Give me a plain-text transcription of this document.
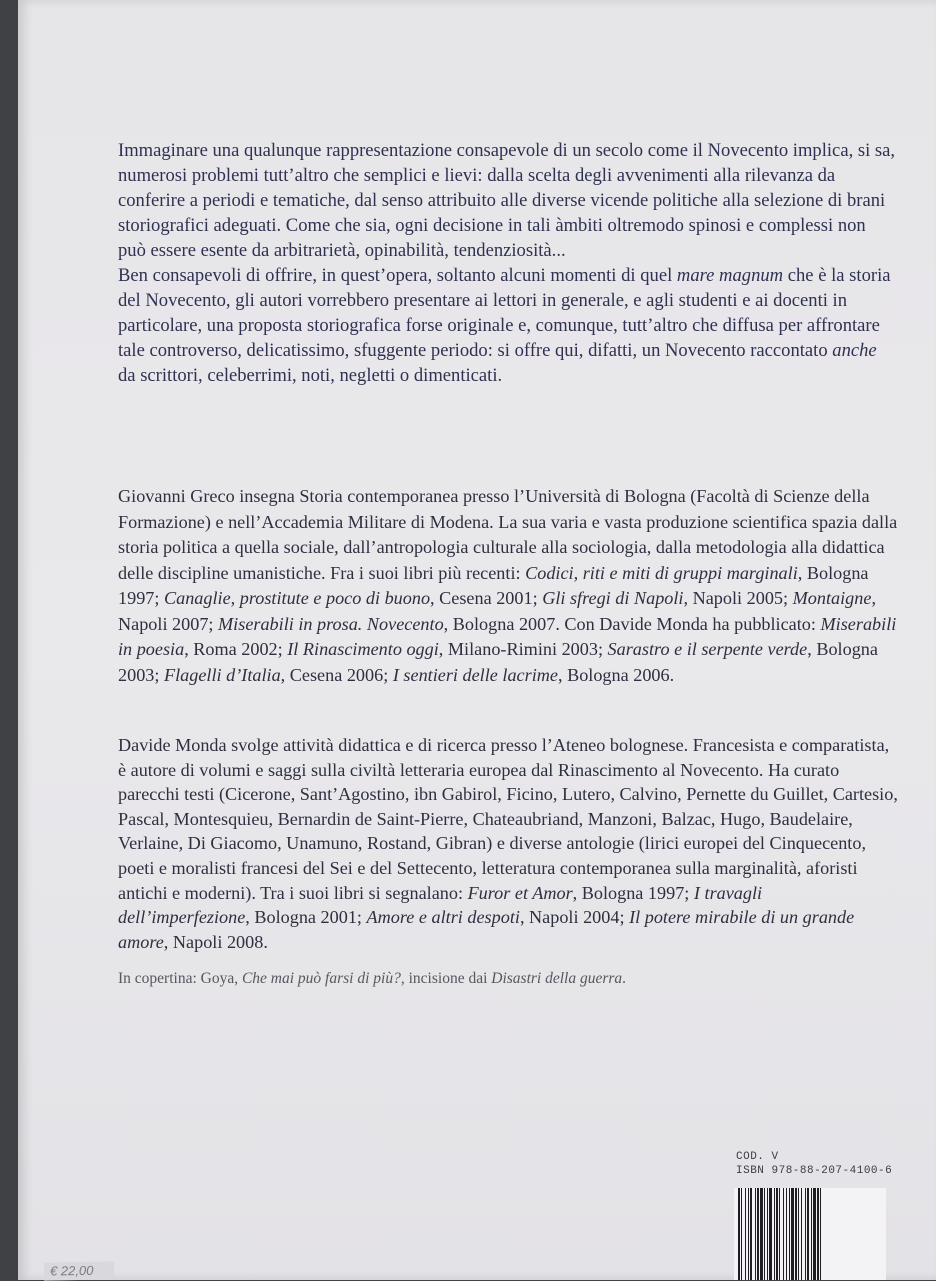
Immaginare una qualunque rappresentazione consapevole di un secolo come il Novecento implica, si sa, numerosi problemi tutt’altro che semplici e lievi: dalla scelta degli avvenimenti alla rilevanza da conferire a periodi e tematiche, dal senso attribuito alle diverse vicende politiche alla selezione di brani storiografici adeguati. Come che sia, ogni decisione in tali àmbiti oltremodo spinosi e complessi non può essere esente da arbitrarietà, opinabilità, tendenziosità...

Ben consapevoli di offrire, in quest’opera, soltanto alcuni momenti di quel mare magnum che è la storia del Novecento, gli autori vorrebbero presentare ai lettori in generale, e agli studenti e ai docenti in particolare, una proposta storiografica forse originale e, comunque, tutt’altro che diffusa per affrontare tale controverso, delicatissimo, sfuggente periodo: si offre qui, difatti, un Novecento raccontato anche da scrittori, celeberrimi, noti, negletti o dimenticati.

Giovanni Greco insegna Storia contemporanea presso l’Università di Bologna (Facoltà di Scienze della Formazione) e nell’Accademia Militare di Modena. La sua varia e vasta produzione scientifica spazia dalla storia politica a quella sociale, dall’antropologia culturale alla sociologia, dalla metodologia alla didattica delle discipline umanistiche. Fra i suoi libri più recenti: Codici, riti e miti di gruppi marginali, Bologna 1997; Canaglie, prostitute e poco di buono, Cesena 2001; Gli sfregi di Napoli, Napoli 2005; Montaigne, Napoli 2007; Miserabili in prosa. Novecento, Bologna 2007. Con Davide Monda ha pubblicato: Miserabili in poesia, Roma 2002; Il Rinascimento oggi, Milano-Rimini 2003; Sarastro e il serpente verde, Bologna 2003; Flagelli d’Italia, Cesena 2006; I sentieri delle lacrime, Bologna 2006.

Davide Monda svolge attività didattica e di ricerca presso l’Ateneo bolognese. Francesista e comparatista, è autore di volumi e saggi sulla civiltà letteraria europea dal Rinascimento al Novecento. Ha curato parecchi testi (Cicerone, Sant’Agostino, ibn Gabirol, Ficino, Lutero, Calvino, Pernette du Guillet, Cartesio, Pascal, Montesquieu, Bernardin de Saint-Pierre, Chateaubriand, Manzoni, Balzac, Hugo, Baudelaire, Verlaine, Di Giacomo, Unamuno, Rostand, Gibran) e diverse antologie (lirici europei del Cinquecento, poeti e moralisti francesi del Sei e del Settecento, letteratura contemporanea sulla marginalità, aforisti antichi e moderni). Tra i suoi libri si segnalano: Furor et Amor, Bologna 1997; I travagli dell’imperfezione, Bologna 2001; Amore e altri despoti, Napoli 2004; Il potere mirabile di un grande amore, Napoli 2008.

In copertina: Goya, Che mai può farsi di più?, incisione dai Disastri della guerra.
COD. V
ISBN 978-88-207-4100-6
€ 22,00
